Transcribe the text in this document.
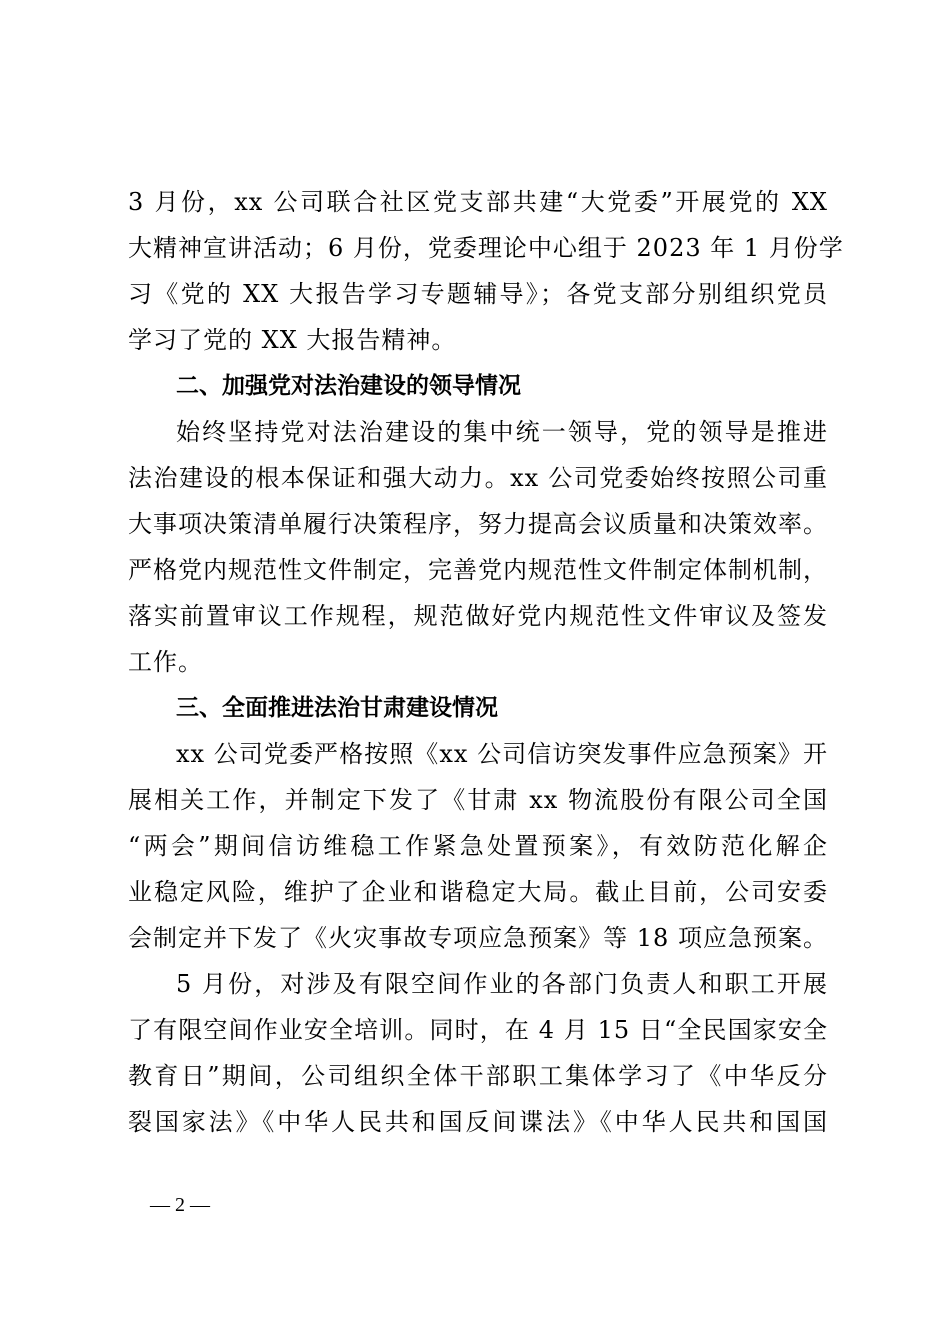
3 月份，xx 公司联合社区党支部共建“大党委”开展党的 XX
大精神宣讲活动；6 月份，党委理论中心组于 2023 年 1 月份学
习《党的 XX 大报告学习专题辅导》；各党支部分别组织党员
学习了党的 XX 大报告精神。
二、加强党对法治建设的领导情况
始终坚持党对法治建设的集中统一领导，党的领导是推进
法治建设的根本保证和强大动力。xx 公司党委始终按照公司重
大事项决策清单履行决策程序，努力提高会议质量和决策效率。
严格党内规范性文件制定，完善党内规范性文件制定体制机制，
落实前置审议工作规程，规范做好党内规范性文件审议及签发
工作。
三、全面推进法治甘肃建设情况
xx 公司党委严格按照《xx 公司信访突发事件应急预案》开
展相关工作，并制定下发了《甘肃 xx 物流股份有限公司全国
“两会”期间信访维稳工作紧急处置预案》，有效防范化解企
业稳定风险，维护了企业和谐稳定大局。截止目前，公司安委
会制定并下发了《火灾事故专项应急预案》等 18 项应急预案。
5 月份，对涉及有限空间作业的各部门负责人和职工开展
了有限空间作业安全培训。同时，在 4 月 15 日“全民国家安全
教育日”期间，公司组织全体干部职工集体学习了《中华反分
裂国家法》《中华人民共和国反间谍法》《中华人民共和国国
— 2 —
